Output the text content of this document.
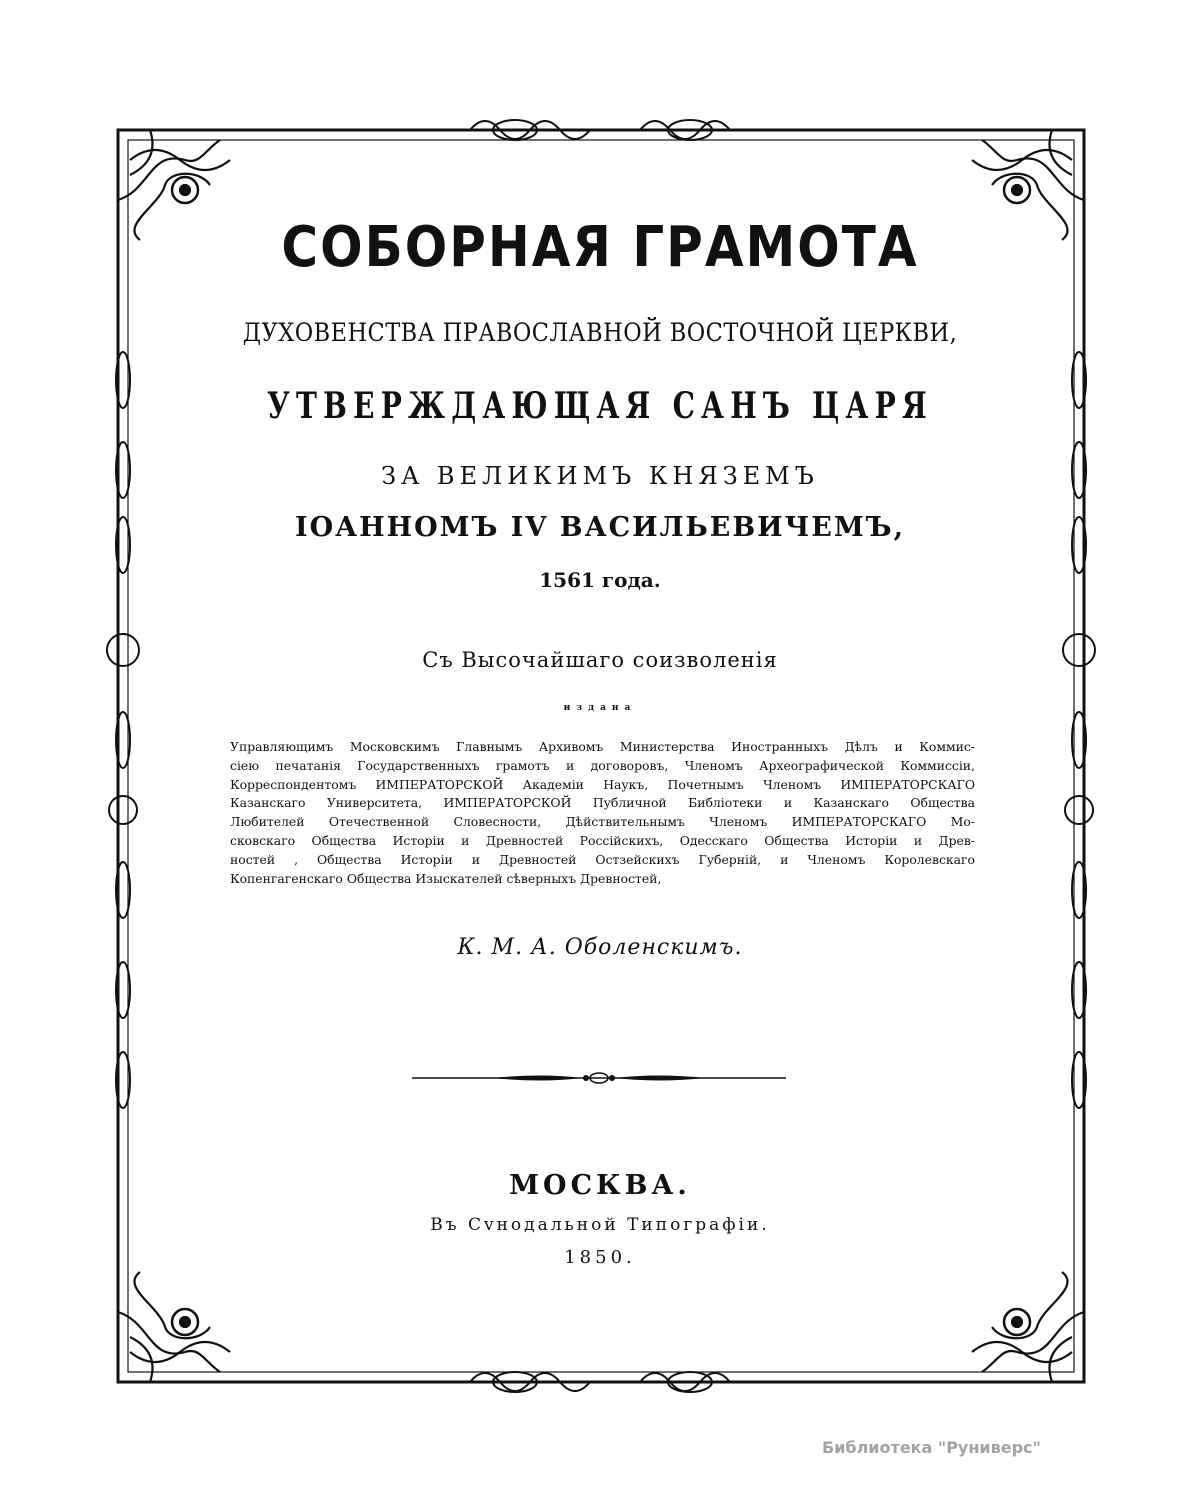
СОБОРНАЯ ГРАМОТА
ДУХОВЕНСТВА ПРАВОСЛАВНОЙ ВОСТОЧНОЙ ЦЕРКВИ,
УТВЕРЖДАЮЩАЯ САНЪ ЦАРЯ
ЗА ВЕЛИКИМЪ КНЯЗЕМЪ
ІОАННОМЪ IV ВАСИЛЬЕВИЧЕМЪ,
1561 года.
Съ Высочайшаго соизволенія
издана
Управляющимъ Московскимъ Главнымъ Архивомъ Министерства Иностранныхъ Дѣлъ и Коммис-
сіею печатанія Государственныхъ грамотъ и договоровъ, Членомъ Археографической Коммиссіи,
Корреспондентомъ ИМПЕРАТОРСКОЙ Академіи Наукъ, Почетнымъ Членомъ ИМПЕРАТОРСКАГО
Казанскаго Университета, ИМПЕРАТОРСКОЙ Публичной Библіотеки и Казанскаго Общества
Любителей Отечественной Словесности, Дѣйствительнымъ Членомъ ИМПЕРАТОРСКАГО Мо-
сковскаго Общества Исторіи и Древностей Россійскихъ, Одесскаго Общества Исторіи и Древ-
ностей , Общества Исторіи и Древностей Остзейскихъ Губерній, и Членомъ Королевскаго
Копенгагенскаго Общества Изыскателей сѣверныхъ Древностей,
К. М. А. Оболенскимъ.
МОСКВА.
Въ Сvнодальной Типографіи.
1850.
Библиотека "Руниверс"
